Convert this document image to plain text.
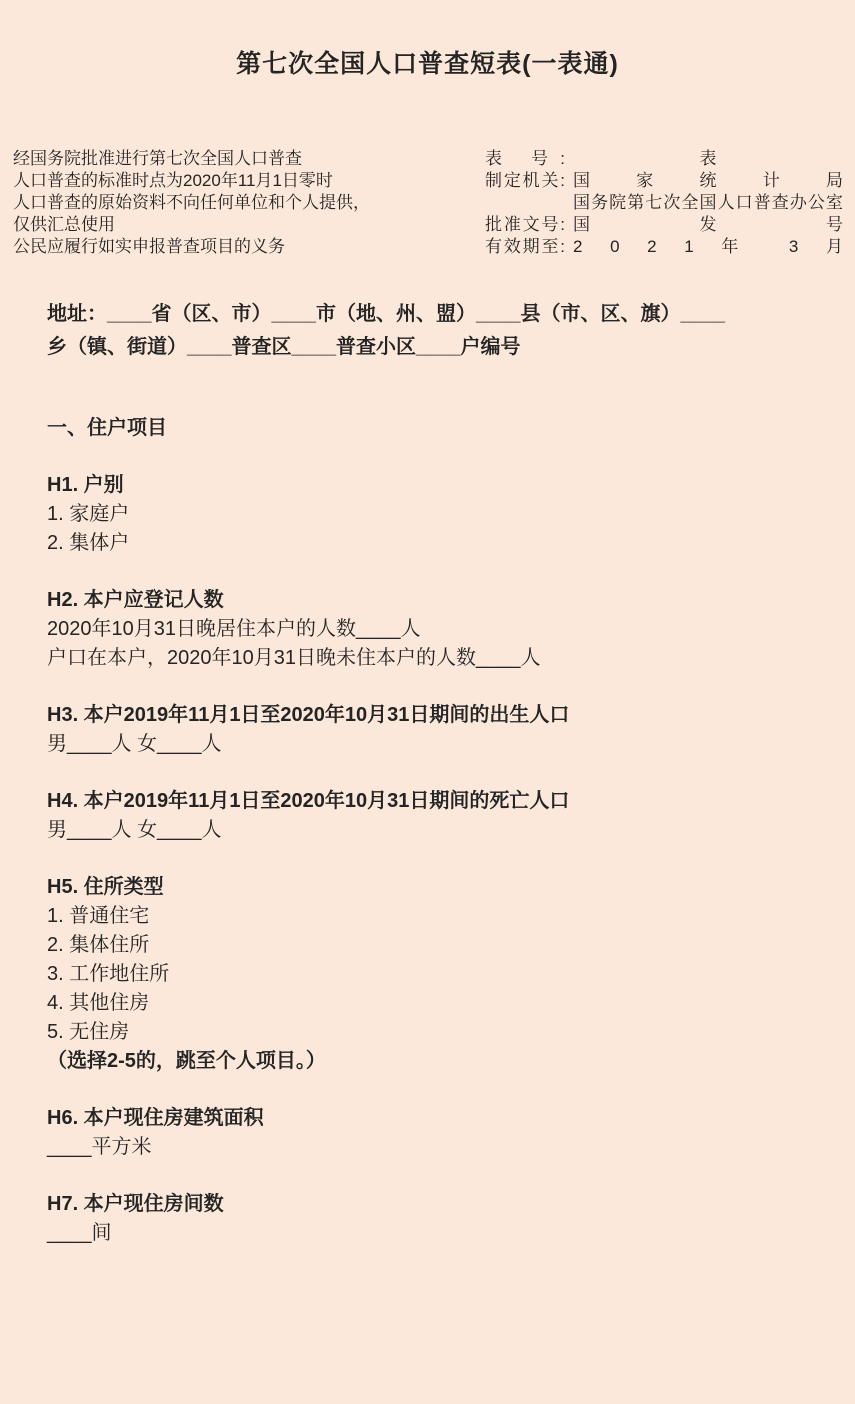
第七次全国人口普查短表(一表通)
经国务院批准进行第七次全国人口普查
人口普查的标准时点为2020年11月1日零时
人口普查的原始资料不向任何单位和个人提供，
仅供汇总使用
公民应履行如实申报普查项目的义务
表 号:	表
制定机关: 国 家 统 计 局
国务院第七次全国人口普查办公室
批准文号: 国 发 号
有效期至: 2 0 2 1 年 3 月
地址：____省（区、市）____市（地、州、盟）____县（市、区、旗）____
乡（镇、街道）____普查区____普查小区____户编号
一、住户项目
H1. 户别
1. 家庭户
2. 集体户
H2. 本户应登记人数
2020年10月31日晚居住本户的人数____人
户口在本户，2020年10月31日晚未住本户的人数____人
H3. 本户2019年11月1日至2020年10月31日期间的出生人口
男____人 女____人
H4. 本户2019年11月1日至2020年10月31日期间的死亡人口
男____人 女____人
H5. 住所类型
1. 普通住宅
2. 集体住所
3. 工作地住所
4. 其他住房
5. 无住房
（选择2-5的，跳至个人项目。）
H6. 本户现住房建筑面积
____平方米
H7. 本户现住房间数
____间
